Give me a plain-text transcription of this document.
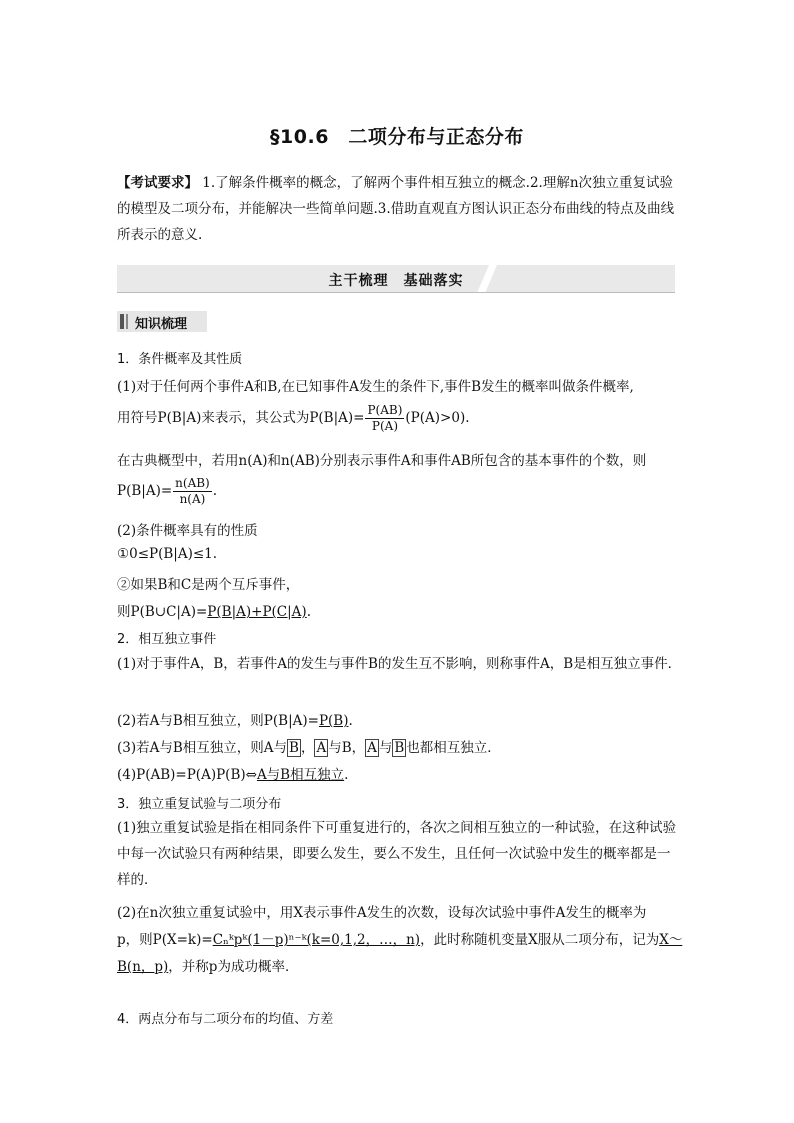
§10.6　二项分布与正态分布
【考试要求】 1.了解条件概率的概念，了解两个事件相互独立的概念.2.理解n次独立重复试验的模型及二项分布，并能解决一些简单问题.3.借助直观直方图认识正态分布曲线的特点及曲线所表示的意义.
主干梳理　基础落实
知识梳理
1．条件概率及其性质
(1)对于任何两个事件A和B,在已知事件A发生的条件下,事件B发生的概率叫做条件概率,
用符号P(B|A)来表示，其公式为$P(B|A)= \frac{P(AB)}{P(A)} (P(A)>0)$.
在古典概型中，若用n(A)和n(AB)分别表示事件A和事件AB所包含的基本事件的个数，则
$P(B|A)= \frac{n(AB)}{n(A)}$ .
(2)条件概率具有的性质
①0≤P(B|A)≤1.
②如果B和C是两个互斥事件，
则P(B∪C|A)=P(B|A)+P(C|A).
2．相互独立事件
(1)对于事件A，B，若事件A的发生与事件B的发生互不影响，则称事件A，B是相互独立事件．
(2)若A与B相互独立，则P(B|A)=P(B).
(3)若A与B相互独立，则A与 B ， A 与B， A 与 B 也都相互独立．
(4)P(AB)=P(A)P(B)⇔A与B相互独立.
3．独立重复试验与二项分布
(1)独立重复试验是指在相同条件下可重复进行的，各次之间相互独立的一种试验，在这种试验中每一次试验只有两种结果，即要么发生，要么不发生，且任何一次试验中发生的概率都是一样的．
(2)在n次独立重复试验中，用X表示事件A发生的次数，设每次试验中事件A发生的概率为
p，则P(X=k)=Cₙᵏpᵏ(1－p)ⁿ⁻ᵏ(k=0,1,2，…，n)，此时称随机变量X服从二项分布，记为X～
B(n，p)，并称p为成功概率．
4．两点分布与二项分布的均值、方差
